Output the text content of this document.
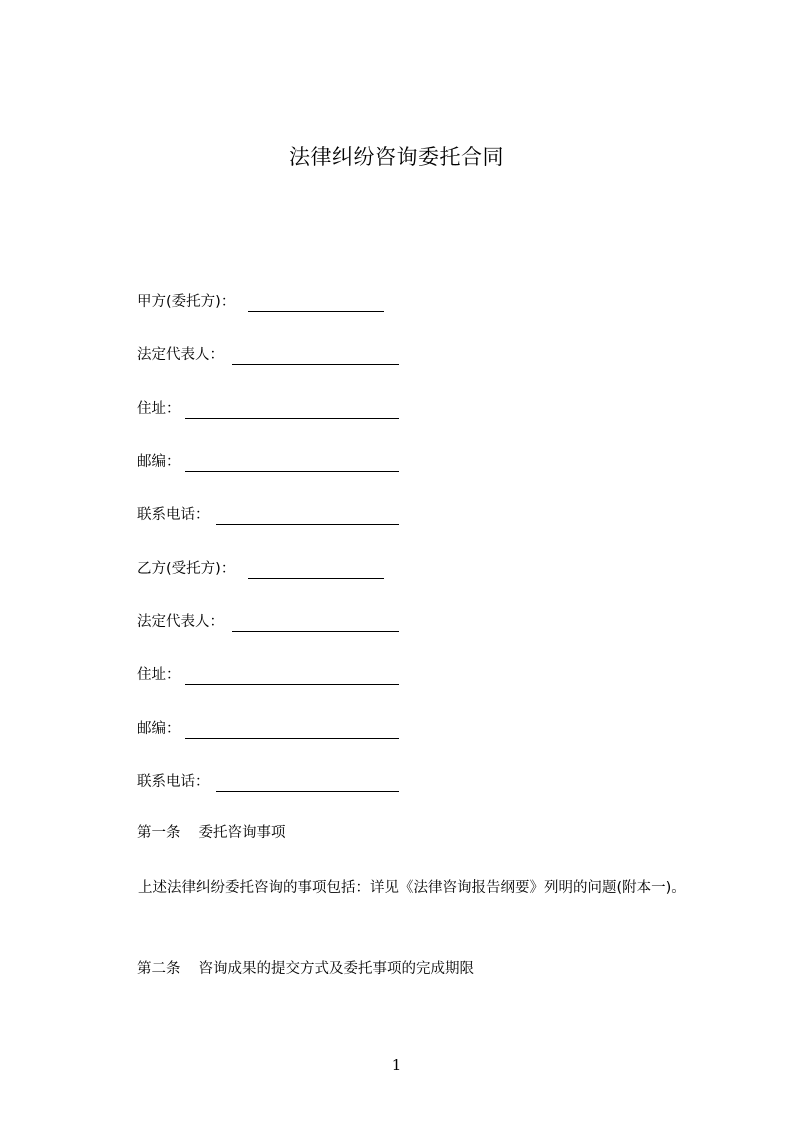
法律纠纷咨询委托合同
甲方(委托方)：
法定代表人：
住址：
邮编：
联系电话：
乙方(受托方)：
法定代表人：
住址：
邮编：
联系电话：
第一条 委托咨询事项
上述法律纠纷委托咨询的事项包括：详见《法律咨询报告纲要》列明的问题(附本一)。
第二条 咨询成果的提交方式及委托事项的完成期限
1
